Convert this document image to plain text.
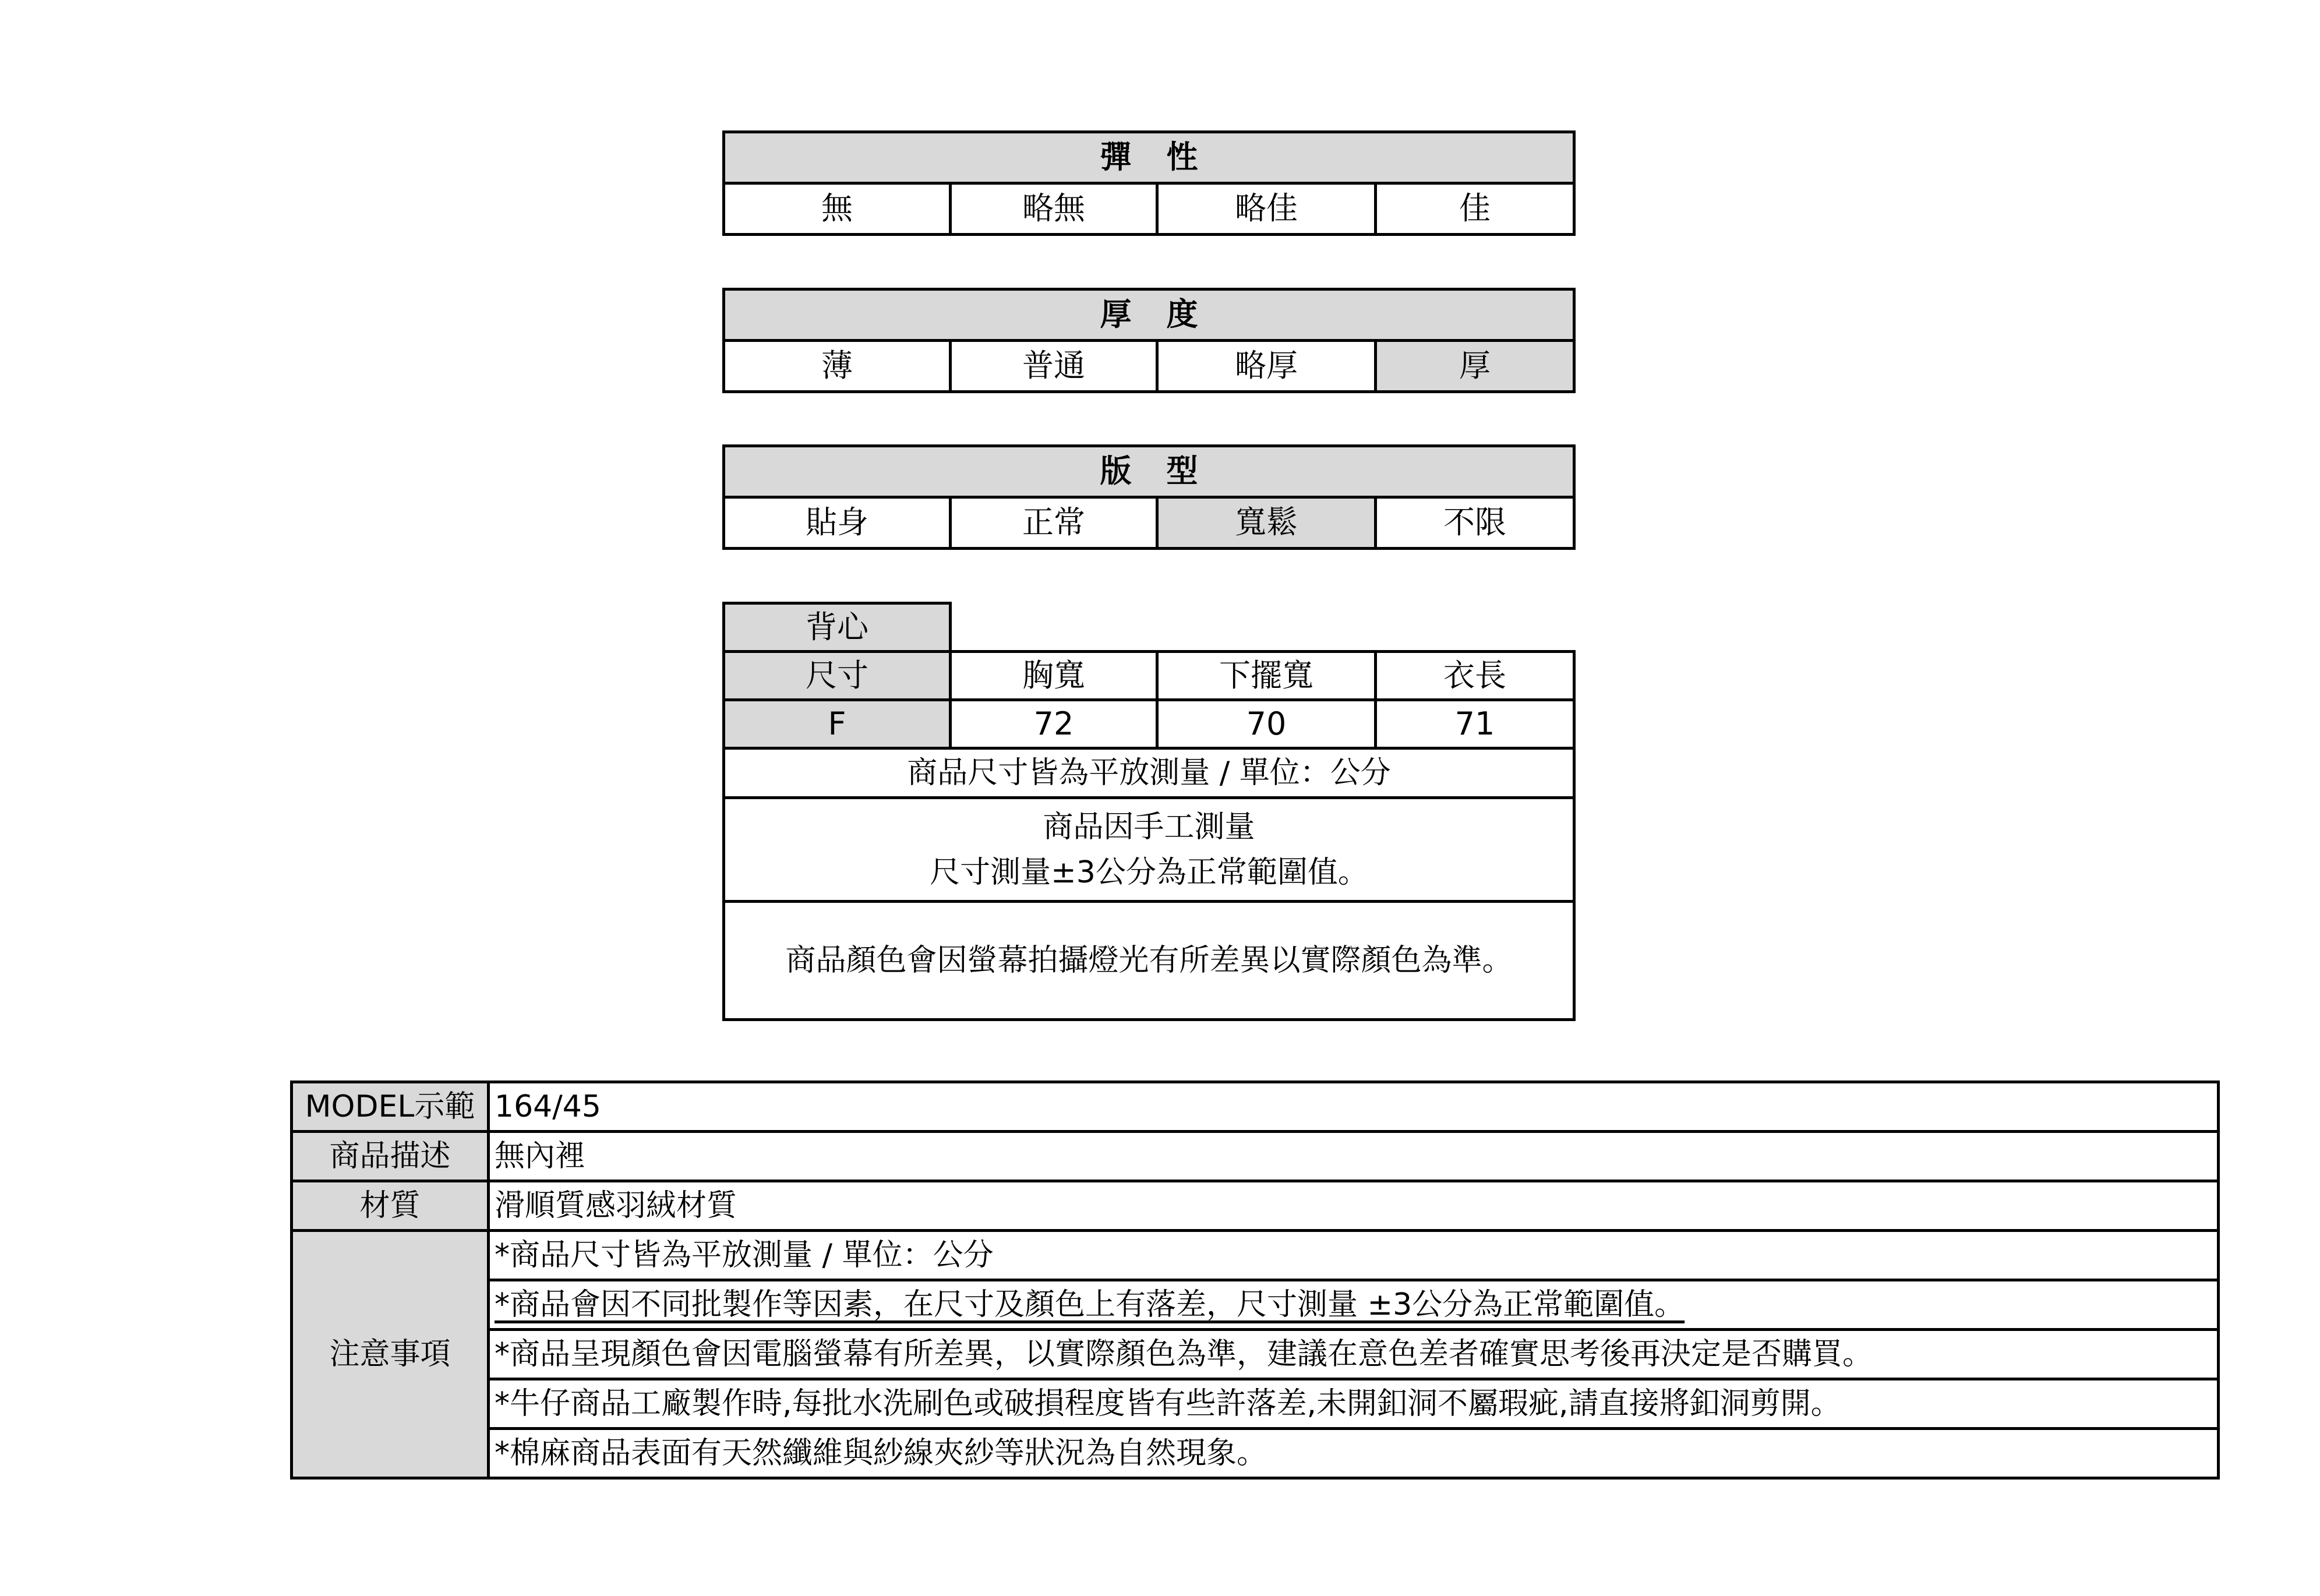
彈性
無	略無	略佳	佳
厚度
薄	普通	略厚	厚
版型
貼身	正常	寬鬆	不限
背心			
尺寸	胸寬	下擺寬	衣長
F	72	70	71
商品尺寸皆為平放測量 / 單位：公分			

商品因手工測量
尺寸測量±3公分為正常範圍值。			

商品顏色會因螢幕拍攝燈光有所差異以實際顏色為準。			
MODEL示範	164/45
商品描述	無內裡
材質	滑順質感羽絨材質
注意事項	*商品尺寸皆為平放測量 / 單位：公分
	*商品會因不同批製作等因素，在尺寸及顏色上有落差，尺寸測量 ±3公分為正常範圍值。
	*商品呈現顏色會因電腦螢幕有所差異，以實際顏色為準，建議在意色差者確實思考後再決定是否購買。
	*牛仔商品工廠製作時,每批水洗刷色或破損程度皆有些許落差,未開釦洞不屬瑕疵,請直接將釦洞剪開。
	*棉麻商品表面有天然纖維與紗線夾紗等狀況為自然現象。
